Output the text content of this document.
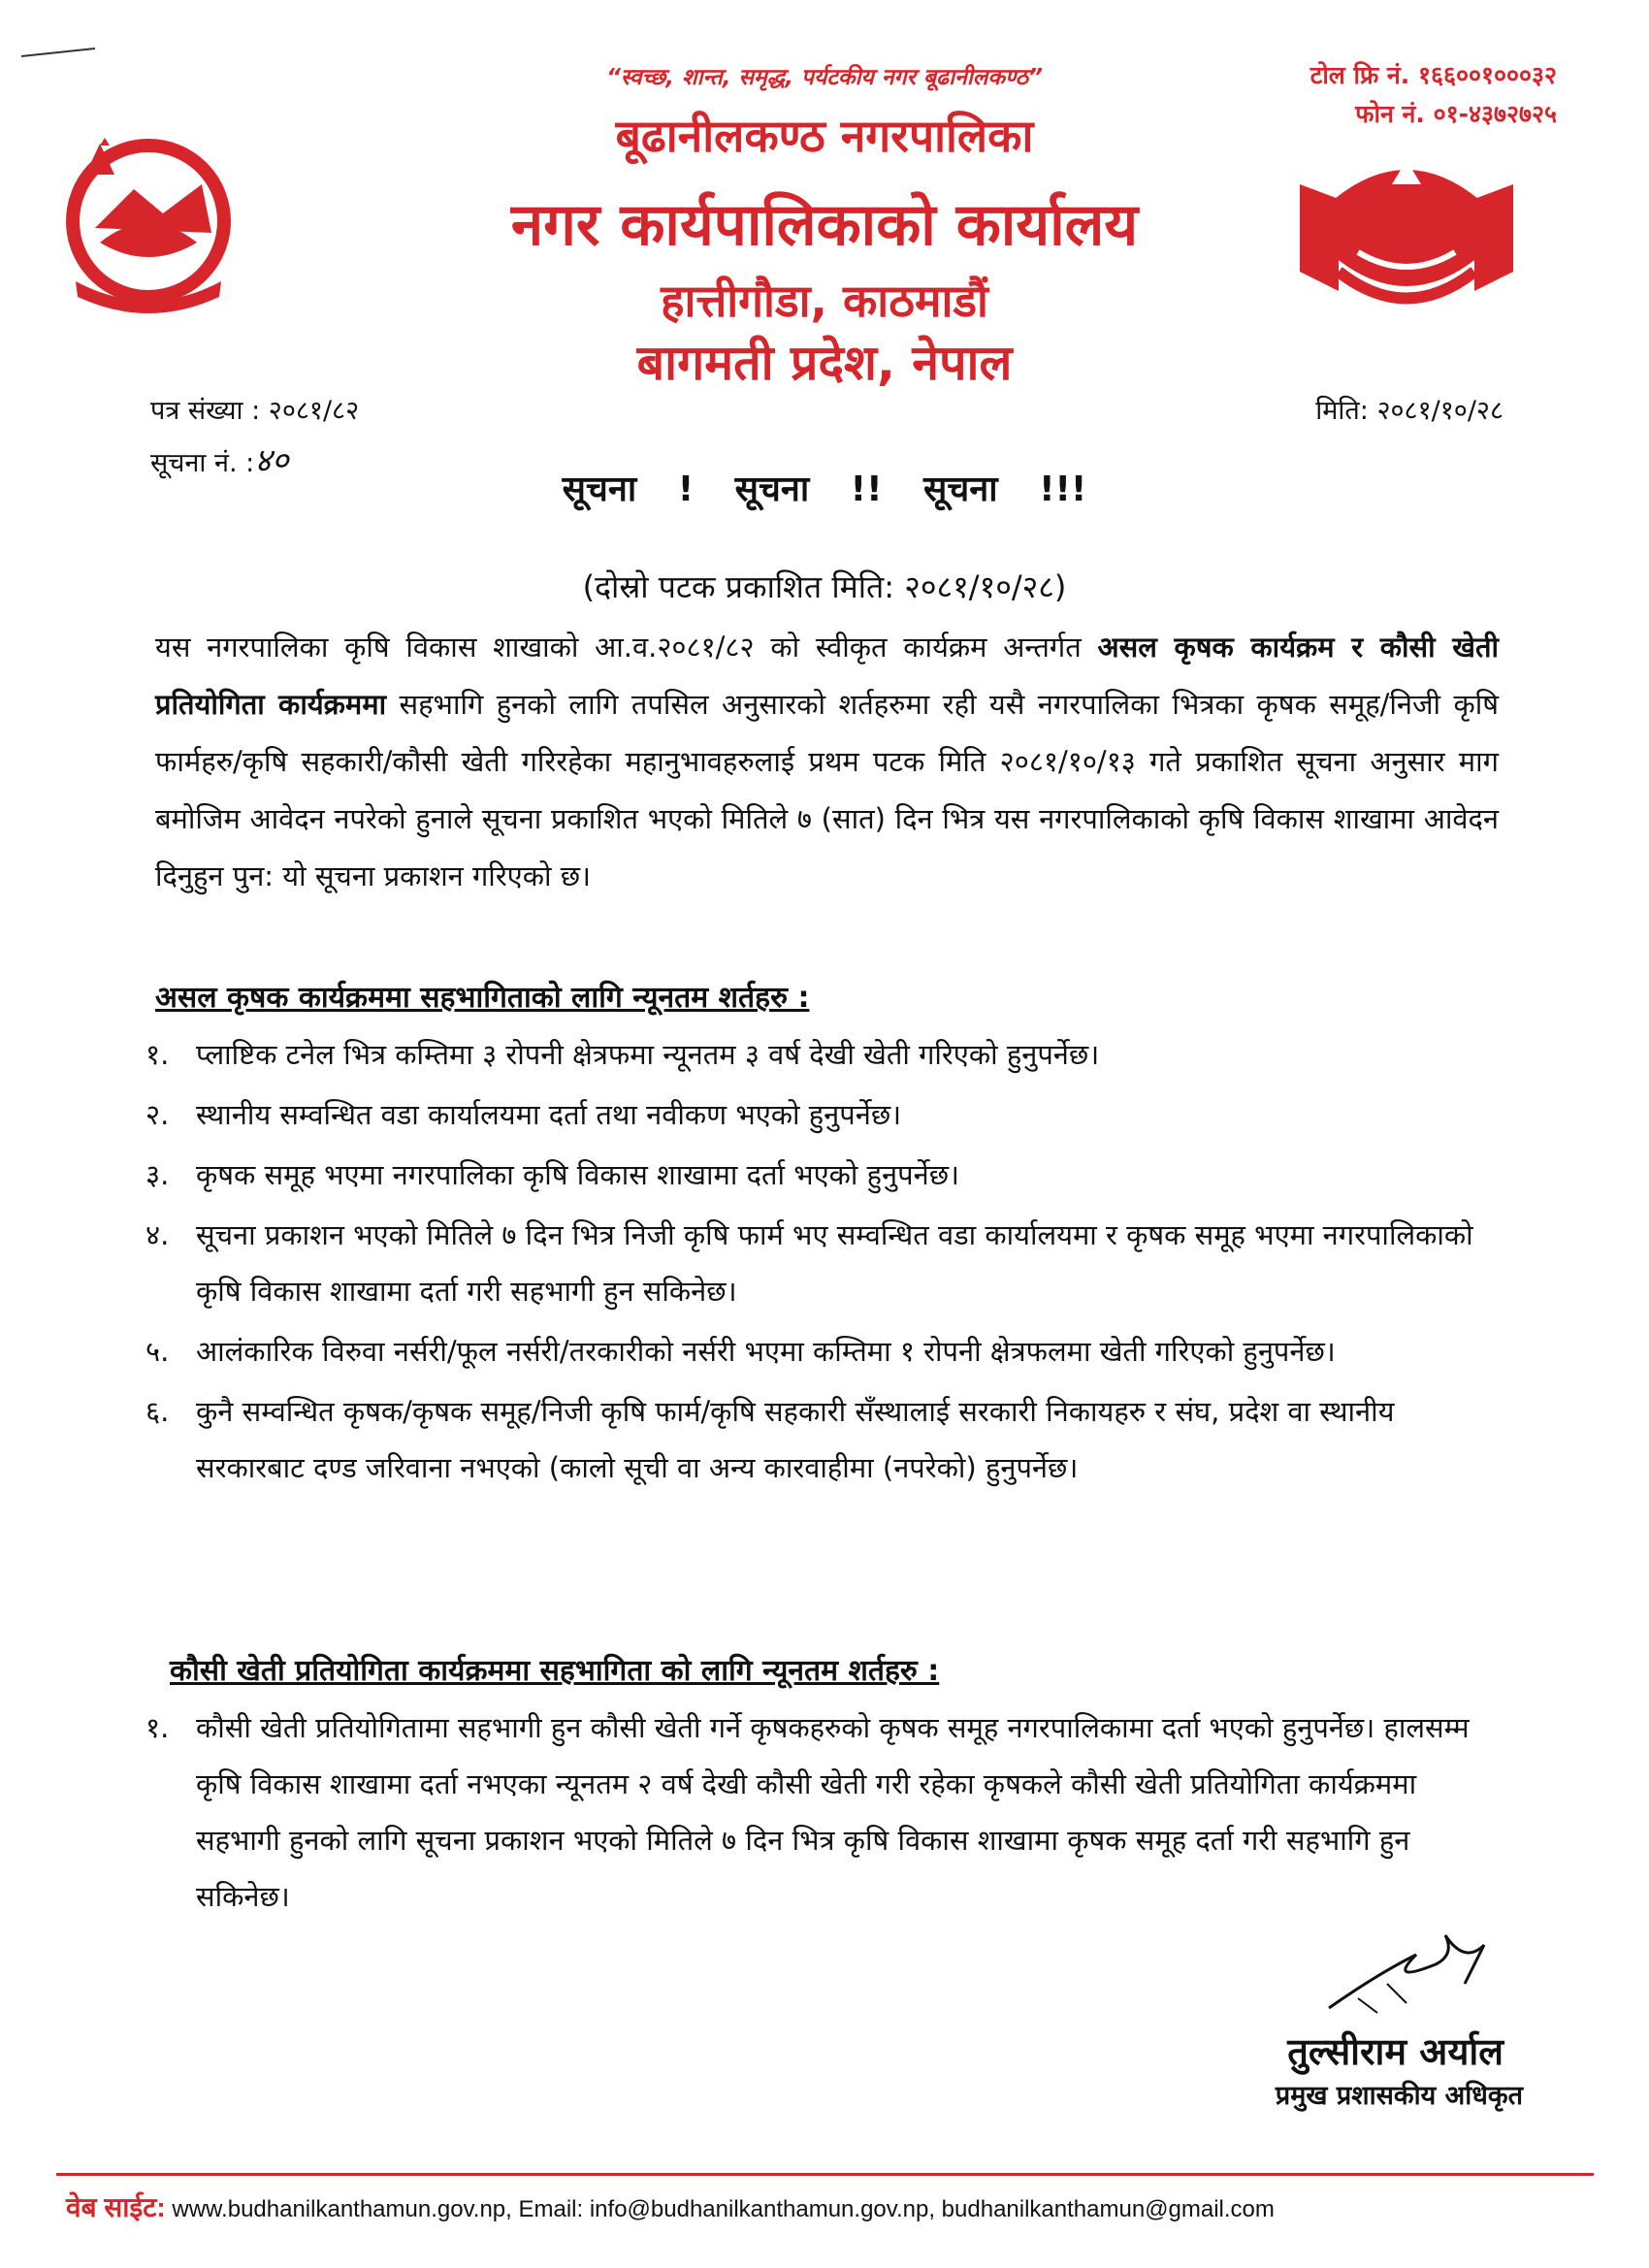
“स्वच्छ, शान्त, समृद्ध, पर्यटकीय नगर बूढानीलकण्ठ”
बूढानीलकण्ठ नगरपालिका
नगर कार्यपालिकाको कार्यालय
हात्तीगौडा, काठमाडौं
बागमती प्रदेश, नेपाल
टोल फ्रि नं. १६६००१०००३२
फोन नं. ०१-४३७२७२५
पत्र संख्या : २०८१/८२
सूचना नं. :४०
मिति: २०८१/१०/२८
सूचना ! सूचना !! सूचना !!!
(दोस्रो पटक प्रकाशित मिति: २०८१/१०/२८)
यस नगरपालिका कृषि विकास शाखाको आ.व.२०८१/८२ को स्वीकृत कार्यक्रम अन्तर्गत असल कृषक कार्यक्रम र कौसी खेती प्रतियोगिता कार्यक्रममा सहभागि हुनको लागि तपसिल अनुसारको शर्तहरुमा रही यसै नगरपालिका भित्रका कृषक समूह/निजी कृषि फार्महरु/कृषि सहकारी/कौसी खेती गरिरहेका महानुभावहरुलाई प्रथम पटक मिति २०८१/१०/१३ गते प्रकाशित सूचना अनुसार माग बमोजिम आवेदन नपरेको हुनाले सूचना प्रकाशित भएको मितिले ७ (सात) दिन भित्र यस नगरपालिकाको कृषि विकास शाखामा आवेदन दिनुहुन पुन: यो सूचना प्रकाशन गरिएको छ।
असल कृषक कार्यक्रममा सहभागिताको लागि न्यूनतम शर्तहरु :
१. प्लाष्टिक टनेल भित्र कम्तिमा ३ रोपनी क्षेत्रफमा न्यूनतम ३ वर्ष देखी खेती गरिएको हुनुपर्नेछ।
२. स्थानीय सम्वन्धित वडा कार्यालयमा दर्ता तथा नवीकण भएको हुनुपर्नेछ।
३. कृषक समूह भएमा नगरपालिका कृषि विकास शाखामा दर्ता भएको हुनुपर्नेछ।
४. सूचना प्रकाशन भएको मितिले ७ दिन भित्र निजी कृषि फार्म भए सम्वन्धित वडा कार्यालयमा र कृषक समूह भएमा नगरपालिकाको कृषि विकास शाखामा दर्ता गरी सहभागी हुन सकिनेछ।
५. आलंकारिक विरुवा नर्सरी/फूल नर्सरी/तरकारीको नर्सरी भएमा कम्तिमा १ रोपनी क्षेत्रफलमा खेती गरिएको हुनुपर्नेछ।
६. कुनै सम्वन्धित कृषक/कृषक समूह/निजी कृषि फार्म/कृषि सहकारी सँस्थालाई सरकारी निकायहरु र संघ, प्रदेश वा स्थानीय सरकारबाट दण्ड जरिवाना नभएको (कालो सूची वा अन्य कारवाहीमा (नपरेको) हुनुपर्नेछ।
कौसी खेती प्रतियोगिता कार्यक्रममा सहभागिता को लागि न्यूनतम शर्तहरु :
१. कौसी खेती प्रतियोगितामा सहभागी हुन कौसी खेती गर्ने कृषकहरुको कृषक समूह नगरपालिकामा दर्ता भएको हुनुपर्नेछ। हालसम्म कृषि विकास शाखामा दर्ता नभएका न्यूनतम २ वर्ष देखी कौसी खेती गरी रहेका कृषकले कौसी खेती प्रतियोगिता कार्यक्रममा सहभागी हुनको लागि सूचना प्रकाशन भएको मितिले ७ दिन भित्र कृषि विकास शाखामा कृषक समूह दर्ता गरी सहभागि हुन सकिनेछ।
तुल्सीराम अर्याल
प्रमुख प्रशासकीय अधिकृत
वेब साईट: www.budhanilkanthamun.gov.np, Email: info@budhanilkanthamun.gov.np, budhanilkanthamun@gmail.com
